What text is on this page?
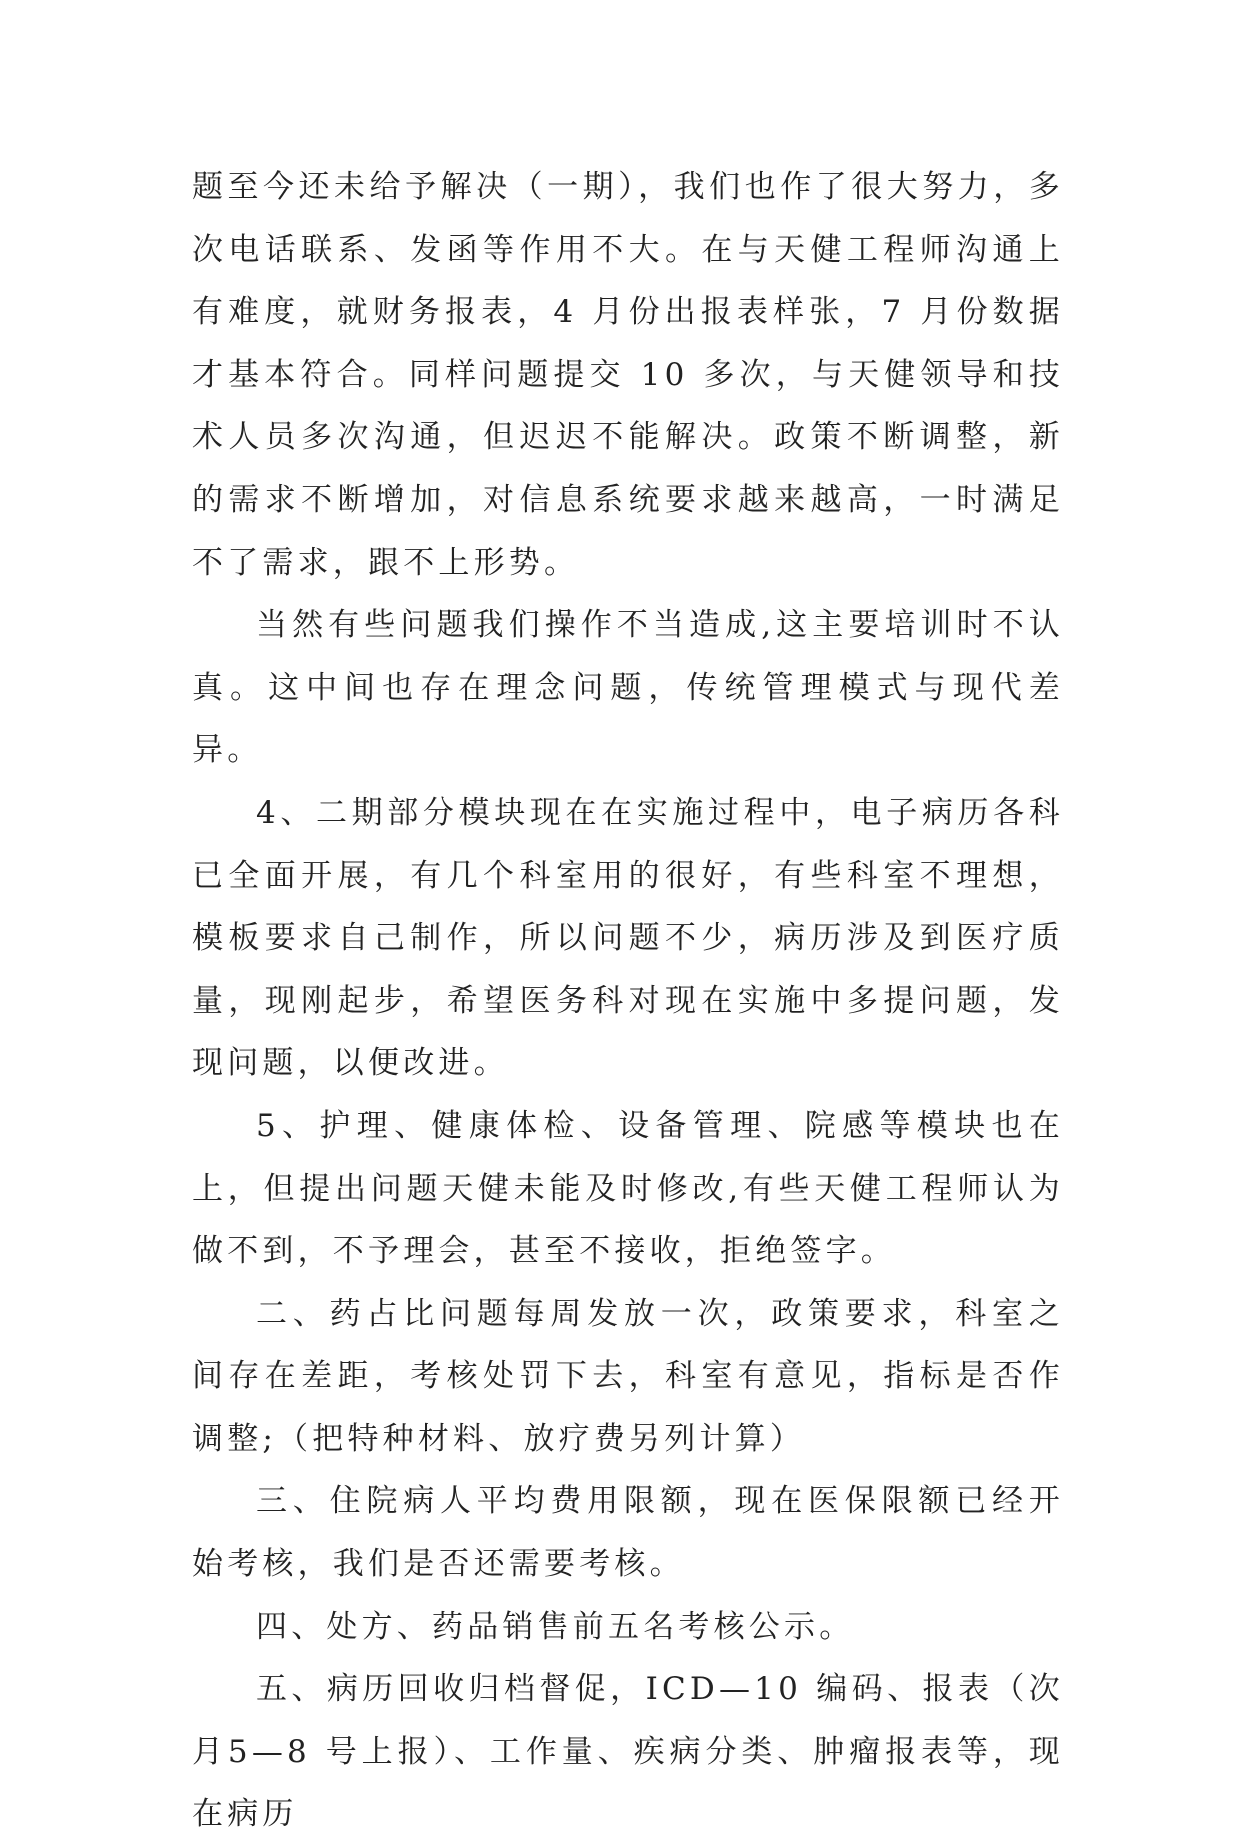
题至今还未给予解决（一期），我们也作了很大努力，多次电话联系、发函等作用不大。在与天健工程师沟通上有难度，就财务报表，4 月份出报表样张，7 月份数据才基本符合。同样问题提交 10 多次，与天健领导和技术人员多次沟通，但迟迟不能解决。政策不断调整，新的需求不断增加，对信息系统要求越来越高，一时满足不了需求，跟不上形势。

当然有些问题我们操作不当造成,这主要培训时不认真。这中间也存在理念问题，传统管理模式与现代差异。

4、二期部分模块现在在实施过程中，电子病历各科已全面开展，有几个科室用的很好，有些科室不理想，模板要求自己制作，所以问题不少，病历涉及到医疗质量，现刚起步，希望医务科对现在实施中多提问题，发现问题，以便改进。

5、护理、健康体检、设备管理、院感等模块也在上，但提出问题天健未能及时修改,有些天健工程师认为做不到，不予理会，甚至不接收，拒绝签字。

二、药占比问题每周发放一次，政策要求，科室之间存在差距，考核处罚下去，科室有意见，指标是否作调整;（把特种材料、放疗费另列计算）

三、住院病人平均费用限额，现在医保限额已经开始考核，我们是否还需要考核。

四、处方、药品销售前五名考核公示。

五、病历回收归档督促，ICD—10 编码、报表（次月5—8 号上报）、工作量、疾病分类、肿瘤报表等，现在病历
